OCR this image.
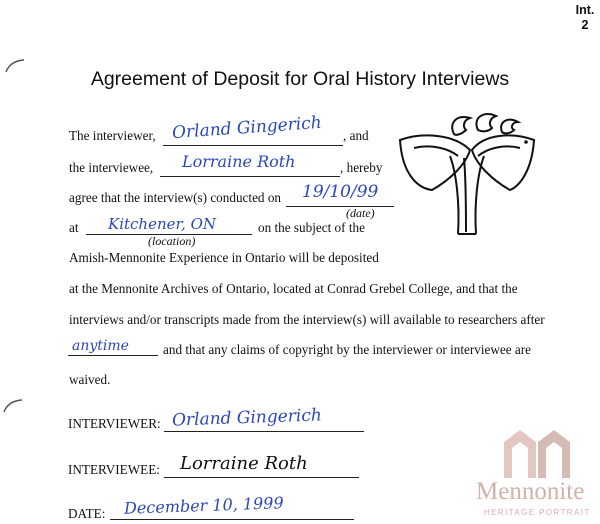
Int.
2
Agreement of Deposit for Oral History Interviews
The interviewer, Orland Gingerich , and
the interviewee, Lorraine Roth	, hereby
agree that the interview(s) conducted on 19/10/99
(date)
at Kitchener, ON
(location)
on the subject of the
Amish-Mennonite Experience in Ontario will be deposited
at the Mennonite Archives of Ontario, located at Conrad Grebel College, and that the
interviews and/or transcripts made from the interview(s) will available to researchers after
anytime	and that any claims of copyright by the interviewer or interviewee are
waived.
INTERVIEWER: Orland Gingerich
INTERVIEWEE: Lorraine Roth
DATE: December 10, 1999
Mennonite
HERITAGE PORTRAIT
